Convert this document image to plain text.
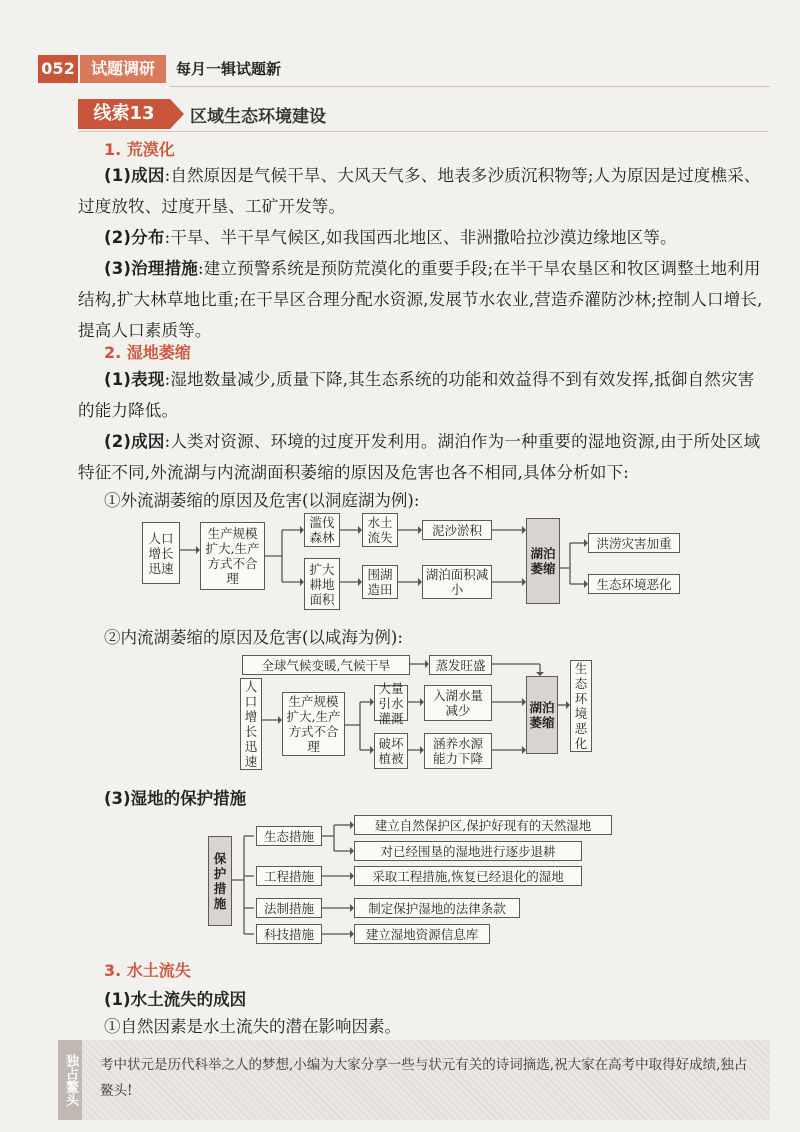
052	试题调研	每月一辑试题新
线索13	区域生态环境建设
1. 荒漠化
(1)成因:自然原因是气候干旱、大风天气多、地表多沙质沉积物等;人为原因是过度樵采、过度放牧、过度开垦、工矿开发等。
(2)分布:干旱、半干旱气候区,如我国西北地区、非洲撒哈拉沙漠边缘地区等。
(3)治理措施:建立预警系统是预防荒漠化的重要手段;在半干旱农垦区和牧区调整土地利用结构,扩大林草地比重;在干旱区合理分配水资源,发展节水农业,营造乔灌防沙林;控制人口增长,提高人口素质等。
2. 湿地萎缩
(1)表现:湿地数量减少,质量下降,其生态系统的功能和效益得不到有效发挥,抵御自然灾害的能力降低。
(2)成因:人类对资源、环境的过度开发利用。湖泊作为一种重要的湿地资源,由于所处区域特征不同,外流湖与内流湖面积萎缩的原因及危害也各不相同,具体分析如下:
①外流湖萎缩的原因及危害(以洞庭湖为例):
人口增长迅速
生产规模扩大,生产方式不合理
滥伐森林
水土流失	泥沙淤积
扩大耕地面积
围湖造田
湖泊面积减小
湖泊萎缩
洪涝灾害加重
生态环境恶化
②内流湖萎缩的原因及危害(以咸海为例):
全球气候变暖,气候干旱	蒸发旺盛
人口增长迅速
生产规模扩大,生产方式不合理
大量引水灌溉
入湖水量减少
破坏植被
涵养水源能力下降
湖泊萎缩
生态环境恶化
(3)湿地的保护措施
保护措施
生态措施
建立自然保护区,保护好现有的天然湿地
对已经围垦的湿地进行逐步退耕
工程措施	采取工程措施,恢复已经退化的湿地
法制措施	制定保护湿地的法律条款
科技措施	建立湿地资源信息库
3. 水土流失
(1)水土流失的成因
①自然因素是水土流失的潜在影响因素。
独占鳌头 考中状元是历代科举之人的梦想,小编为大家分享一些与状元有关的诗词摘选,祝大家在高考中取得好成绩,独占鳌头!
